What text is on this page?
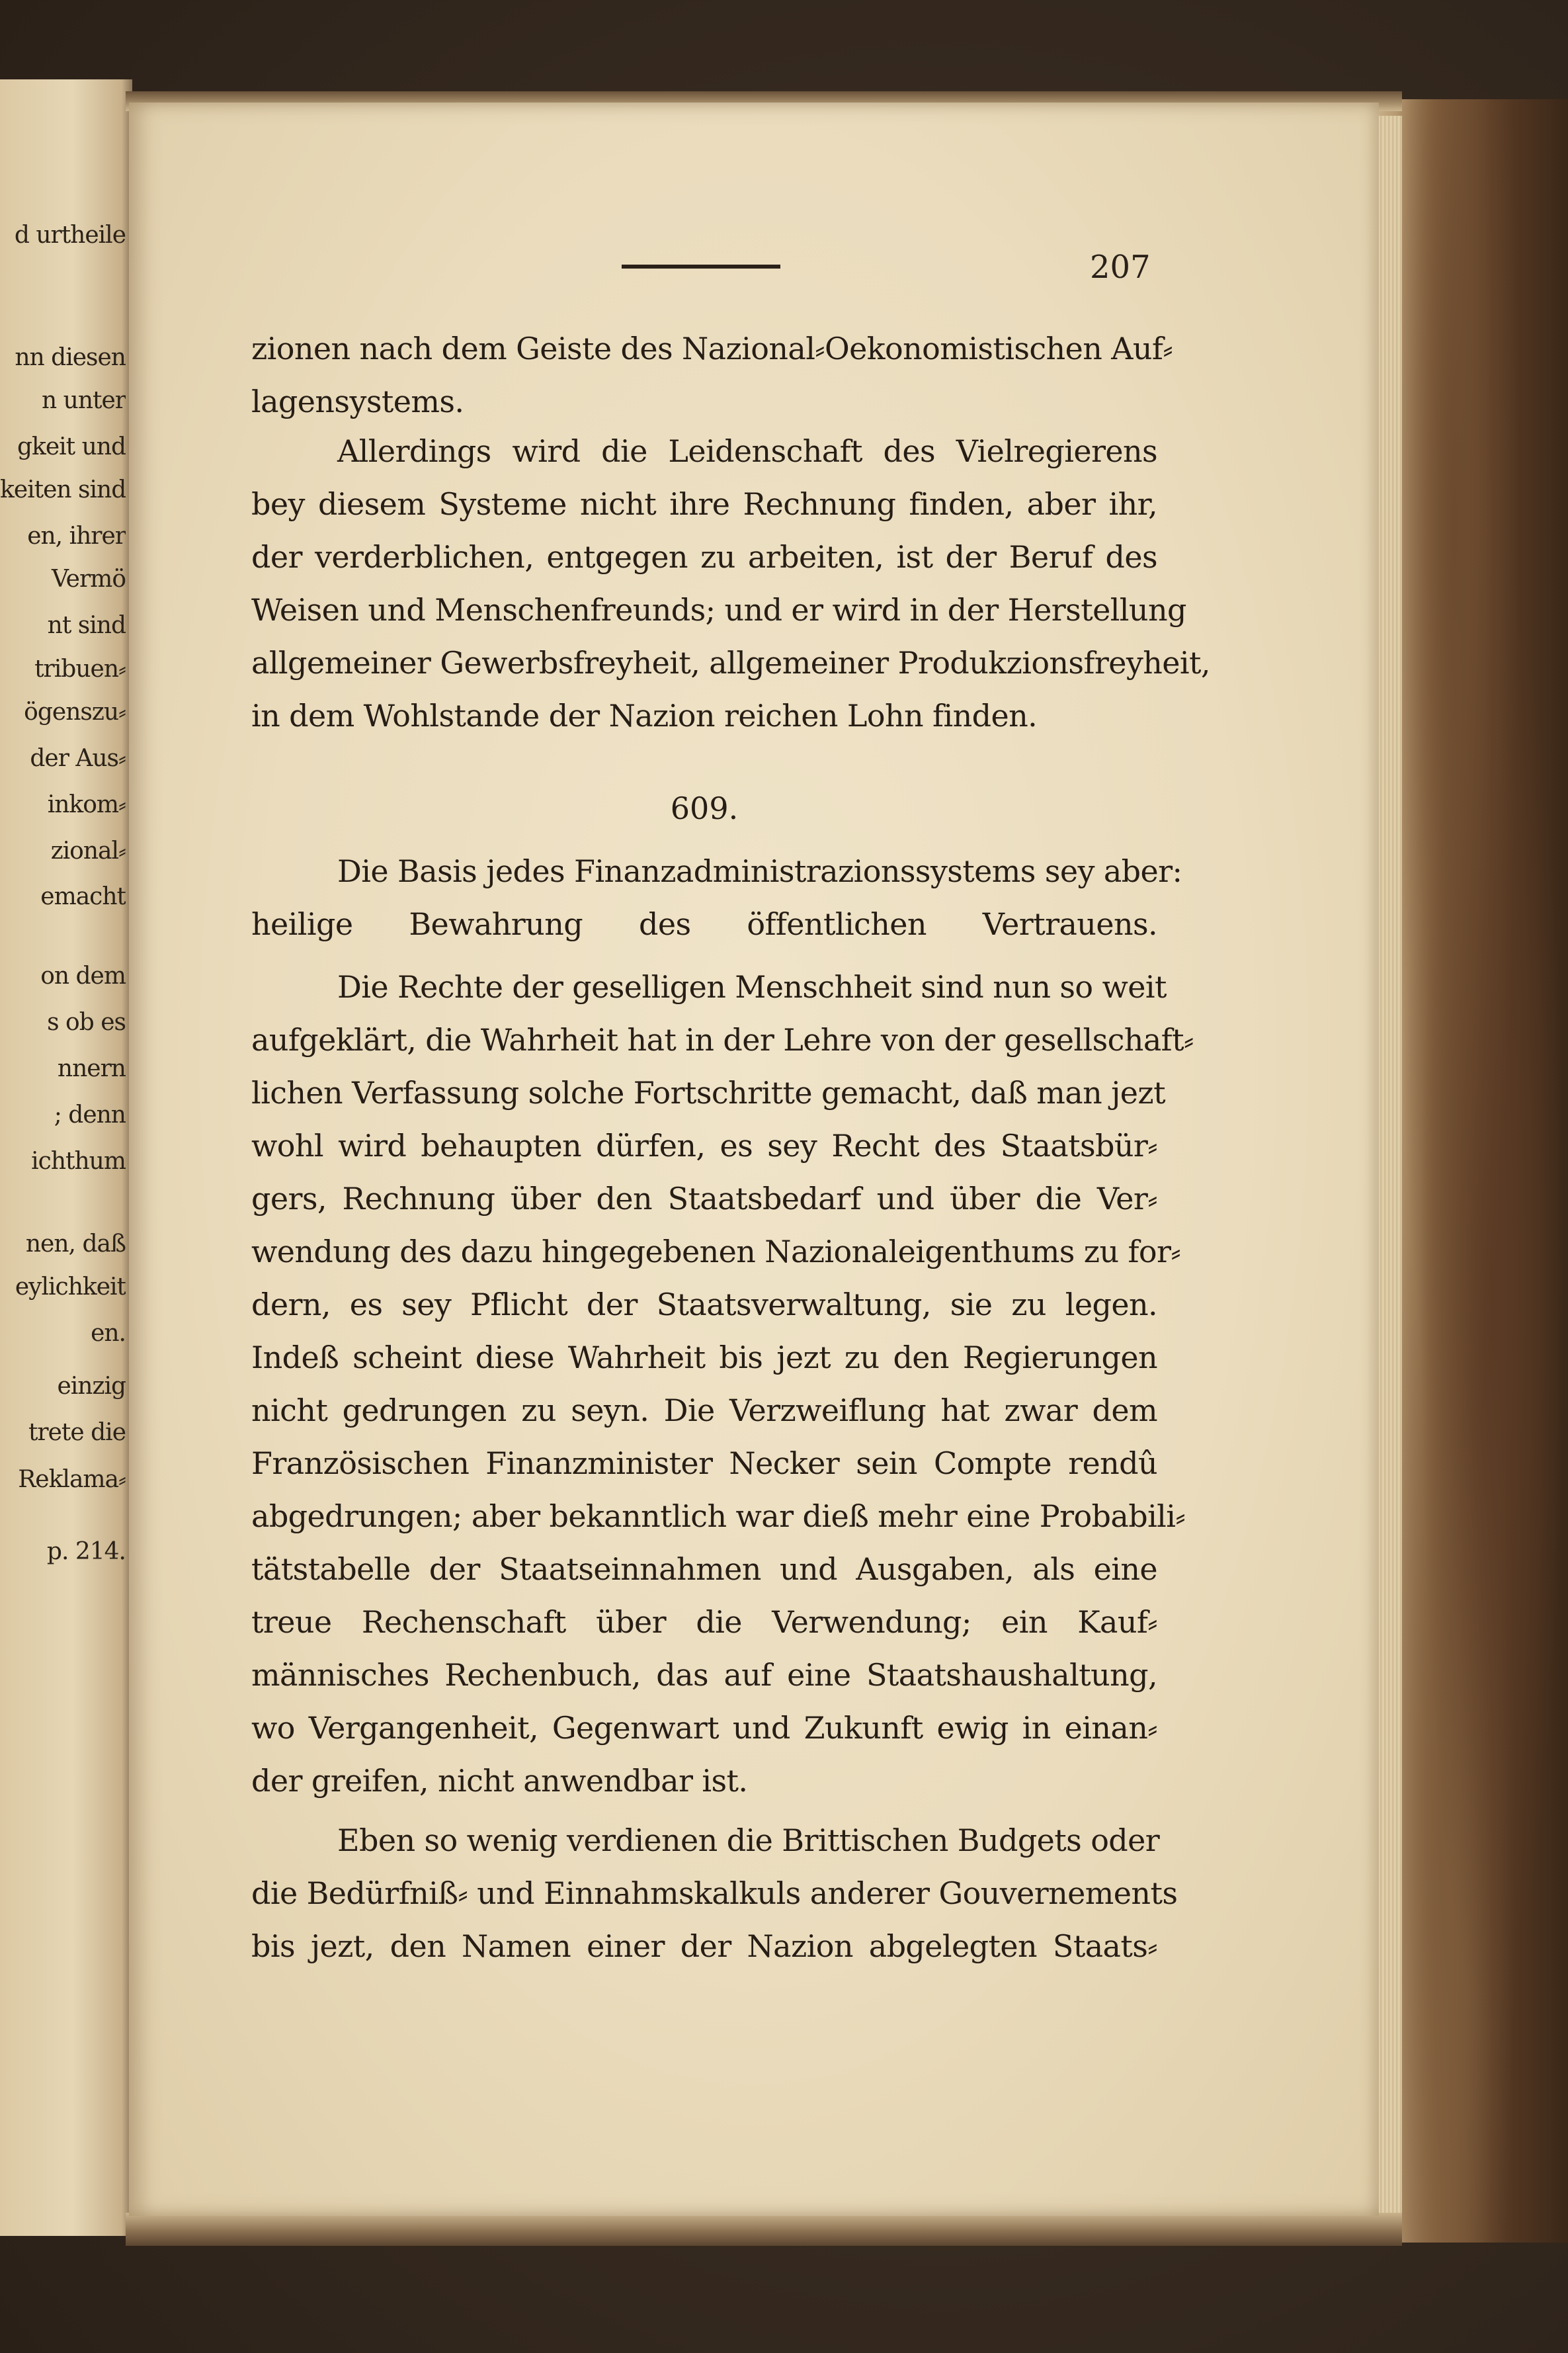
d urtheile
nn diesen
n unter
gkeit und
keiten sind
en, ihrer
Vermö
nt sind
tribuen⸗
ögenszu⸗
der Aus⸗
inkom⸗
zional⸗
emacht
on dem
s ob es
nnern
; denn
ichthum
nen, daß
eylichkeit
en.
einzig
trete die
Reklama⸗
p. 214.
207
zionen nach dem Geiste des Nazional⸗Oekonomistischen Auf⸗
lagensystems.
Allerdings wird die Leidenschaft des Vielregierens
bey diesem Systeme nicht ihre Rechnung finden, aber ihr,
der verderblichen, entgegen zu arbeiten, ist der Beruf des
Weisen und Menschenfreunds; und er wird in der Herstellung
allgemeiner Gewerbsfreyheit, allgemeiner Produkzionsfreyheit,
in dem Wohlstande der Nazion reichen Lohn finden.
609.
Die Basis jedes Finanzadministrazionssystems sey aber:
heilige Bewahrung des öffentlichen Vertrauens.
Die Rechte der geselligen Menschheit sind nun so weit
aufgeklärt, die Wahrheit hat in der Lehre von der gesellschaft⸗
lichen Verfassung solche Fortschritte gemacht, daß man jezt
wohl wird behaupten dürfen, es sey Recht des Staatsbür⸗
gers, Rechnung über den Staatsbedarf und über die Ver⸗
wendung des dazu hingegebenen Nazionaleigenthums zu for⸗
dern, es sey Pflicht der Staatsverwaltung, sie zu legen.
Indeß scheint diese Wahrheit bis jezt zu den Regierungen
nicht gedrungen zu seyn. Die Verzweiflung hat zwar dem
Französischen Finanzminister Necker sein Compte rendû
abgedrungen; aber bekanntlich war dieß mehr eine Probabili⸗
tätstabelle der Staatseinnahmen und Ausgaben, als eine
treue Rechenschaft über die Verwendung; ein Kauf⸗
männisches Rechenbuch, das auf eine Staatshaushaltung,
wo Vergangenheit, Gegenwart und Zukunft ewig in einan⸗
der greifen, nicht anwendbar ist.
Eben so wenig verdienen die Brittischen Budgets oder
die Bedürfniß⸗ und Einnahmskalkuls anderer Gouvernements
bis jezt, den Namen einer der Nazion abgelegten Staats⸗
